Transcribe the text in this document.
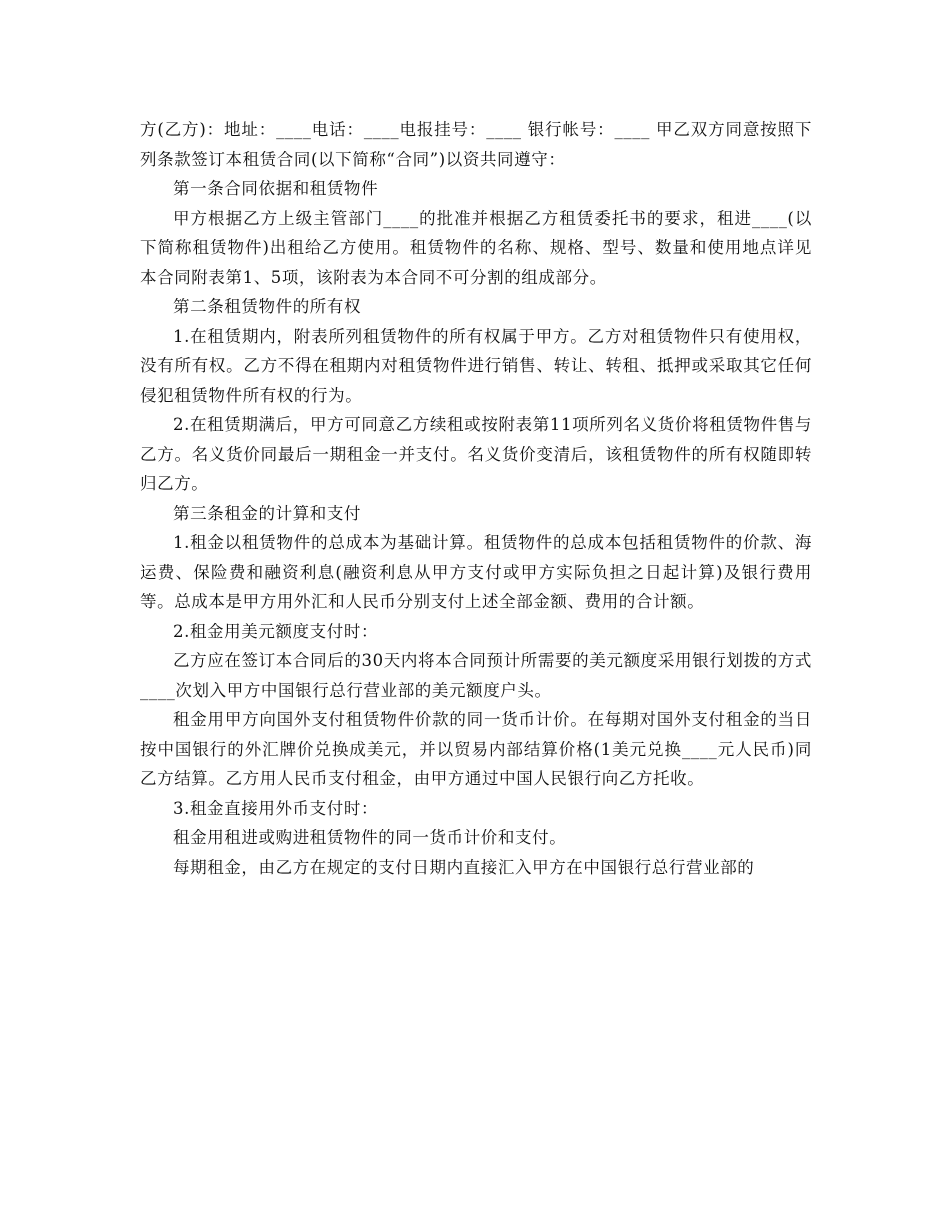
方(乙方)：地址：____电话：____电报挂号：____ 银行帐号：____ 甲乙双方同意按照下列条款签订本租赁合同(以下简称“合同”)以资共同遵守：

第一条合同依据和租赁物件

甲方根据乙方上级主管部门____的批准并根据乙方租赁委托书的要求，租进____(以下简称租赁物件)出租给乙方使用。租赁物件的名称、规格、型号、数量和使用地点详见本合同附表第1、5项，该附表为本合同不可分割的组成部分。

第二条租赁物件的所有权

1.在租赁期内，附表所列租赁物件的所有权属于甲方。乙方对租赁物件只有使用权，没有所有权。乙方不得在租期内对租赁物件进行销售、转让、转租、抵押或采取其它任何侵犯租赁物件所有权的行为。

2.在租赁期满后，甲方可同意乙方续租或按附表第11项所列名义货价将租赁物件售与乙方。名义货价同最后一期租金一并支付。名义货价变清后，该租赁物件的所有权随即转归乙方。

第三条租金的计算和支付

1.租金以租赁物件的总成本为基础计算。租赁物件的总成本包括租赁物件的价款、海运费、保险费和融资利息(融资利息从甲方支付或甲方实际负担之日起计算)及银行费用等。总成本是甲方用外汇和人民币分别支付上述全部金额、费用的合计额。

2.租金用美元额度支付时：

乙方应在签订本合同后的30天内将本合同预计所需要的美元额度采用银行划拨的方式____次划入甲方中国银行总行营业部的美元额度户头。

租金用甲方向国外支付租赁物件价款的同一货币计价。在每期对国外支付租金的当日按中国银行的外汇牌价兑换成美元，并以贸易内部结算价格(1美元兑换____元人民币)同乙方结算。乙方用人民币支付租金，由甲方通过中国人民银行向乙方托收。

3.租金直接用外币支付时：

租金用租进或购进租赁物件的同一货币计价和支付。

每期租金，由乙方在规定的支付日期内直接汇入甲方在中国银行总行营业部的
